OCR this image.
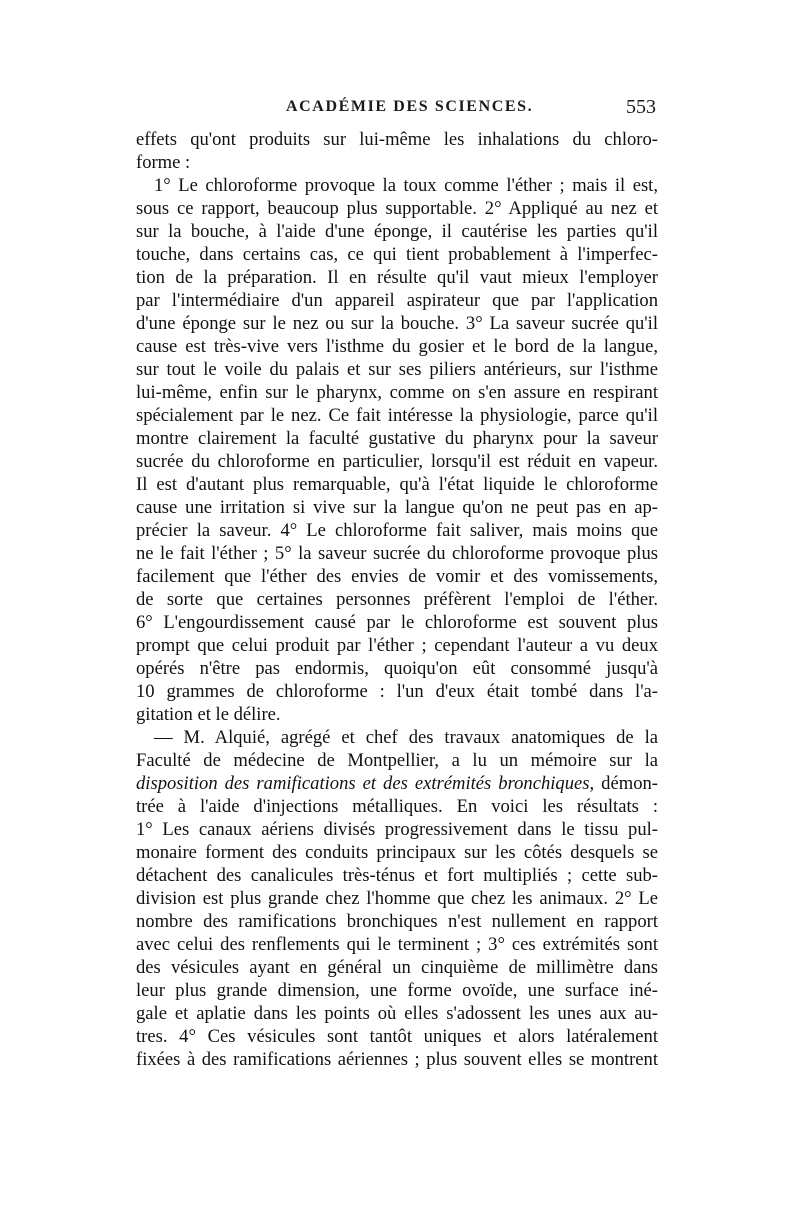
ACADÉMIE DES SCIENCES.	553
effets qu'ont produits sur lui-même les inhalations du chloro-
forme :
1° Le chloroforme provoque la toux comme l'éther ; mais il est,
sous ce rapport, beaucoup plus supportable. 2° Appliqué au nez et
sur la bouche, à l'aide d'une éponge, il cautérise les parties qu'il
touche, dans certains cas, ce qui tient probablement à l'imperfec-
tion de la préparation. Il en résulte qu'il vaut mieux l'employer
par l'intermédiaire d'un appareil aspirateur que par l'application
d'une éponge sur le nez ou sur la bouche. 3° La saveur sucrée qu'il
cause est très-vive vers l'isthme du gosier et le bord de la langue,
sur tout le voile du palais et sur ses piliers antérieurs, sur l'isthme
lui-même, enfin sur le pharynx, comme on s'en assure en respirant
spécialement par le nez. Ce fait intéresse la physiologie, parce qu'il
montre clairement la faculté gustative du pharynx pour la saveur
sucrée du chloroforme en particulier, lorsqu'il est réduit en vapeur.
Il est d'autant plus remarquable, qu'à l'état liquide le chloroforme
cause une irritation si vive sur la langue qu'on ne peut pas en ap-
précier la saveur. 4° Le chloroforme fait saliver, mais moins que
ne le fait l'éther ; 5° la saveur sucrée du chloroforme provoque plus
facilement que l'éther des envies de vomir et des vomissements,
de sorte que certaines personnes préfèrent l'emploi de l'éther.
6° L'engourdissement causé par le chloroforme est souvent plus
prompt que celui produit par l'éther ; cependant l'auteur a vu deux
opérés n'être pas endormis, quoiqu'on eût consommé jusqu'à
10 grammes de chloroforme : l'un d'eux était tombé dans l'a-
gitation et le délire.
— M. Alquié, agrégé et chef des travaux anatomiques de la
Faculté de médecine de Montpellier, a lu un mémoire sur la
disposition des ramifications et des extrémités bronchiques, démon-
trée à l'aide d'injections métalliques. En voici les résultats :
1° Les canaux aériens divisés progressivement dans le tissu pul-
monaire forment des conduits principaux sur les côtés desquels se
détachent des canalicules très-ténus et fort multipliés ; cette sub-
division est plus grande chez l'homme que chez les animaux. 2° Le
nombre des ramifications bronchiques n'est nullement en rapport
avec celui des renflements qui le terminent ; 3° ces extrémités sont
des vésicules ayant en général un cinquième de millimètre dans
leur plus grande dimension, une forme ovoïde, une surface iné-
gale et aplatie dans les points où elles s'adossent les unes aux au-
tres. 4° Ces vésicules sont tantôt uniques et alors latéralement
fixées à des ramifications aériennes ; plus souvent elles se montrent
